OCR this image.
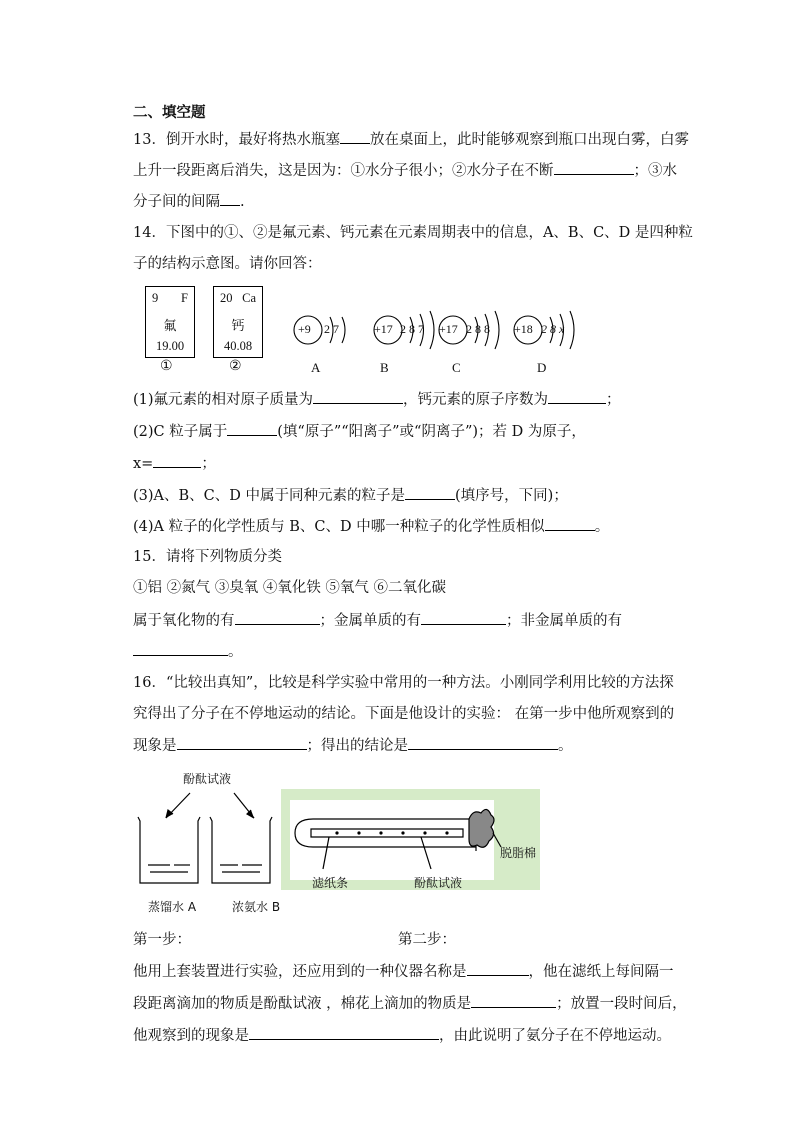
二、填空题
13．倒开水时，最好将热水瓶塞 放在桌面上，此时能够观察到瓶口出现白雾，白雾
上升一段距离后消失，这是因为：①水分子很小；②水分子在不断	；③水
分子间的间隔 .
14．下图中的①、②是氟元素、钙元素在元素周期表中的信息，A、B、C、D 是四种粒
子的结构示意图。请你回答：
9 F
氟
19.00
①
20 Ca
钙
40.08
②
+9 2 7	+17 2 8 7 +17 2 8 8 +18 2 8 x
A	B	C	D
(1)氟元素的相对原子质量为	，钙元素的原子序数为	；
(2)C 粒子属于	(填“原子”“阳离子”或“阴离子”)；若 D 为原子，
x=	；
(3)A、B、C、D 中属于同种元素的粒子是	(填序号，下同)；
(4)A 粒子的化学性质与 B、C、D 中哪一种粒子的化学性质相似	。
15．请将下列物质分类
①铝 ②氮气 ③臭氧 ④氧化铁 ⑤氧气 ⑥二氧化碳
属于氧化物的有	；金属单质的有	；非金属单质的有
。
16．“比较出真知”，比较是科学实验中常用的一种方法。小刚同学利用比较的方法探
究得出了分子在不停地运动的结论。下面是他设计的实验： 在第一步中他所观察到的
现象是	；得出的结论是	。
酚酞试液
蒸馏水 A	浓氨水 B
滤纸条	酚酞试液
脱脂棉
第一步：	第二步：
他用上套装置进行实验，还应用到的一种仪器名称是	，他在滤纸上每间隔一
段距离滴加的物质是酚酞试液 ，棉花上滴加的物质是	；放置一段时间后，
他观察到的现象是	，由此说明了氨分子在不停地运动。
